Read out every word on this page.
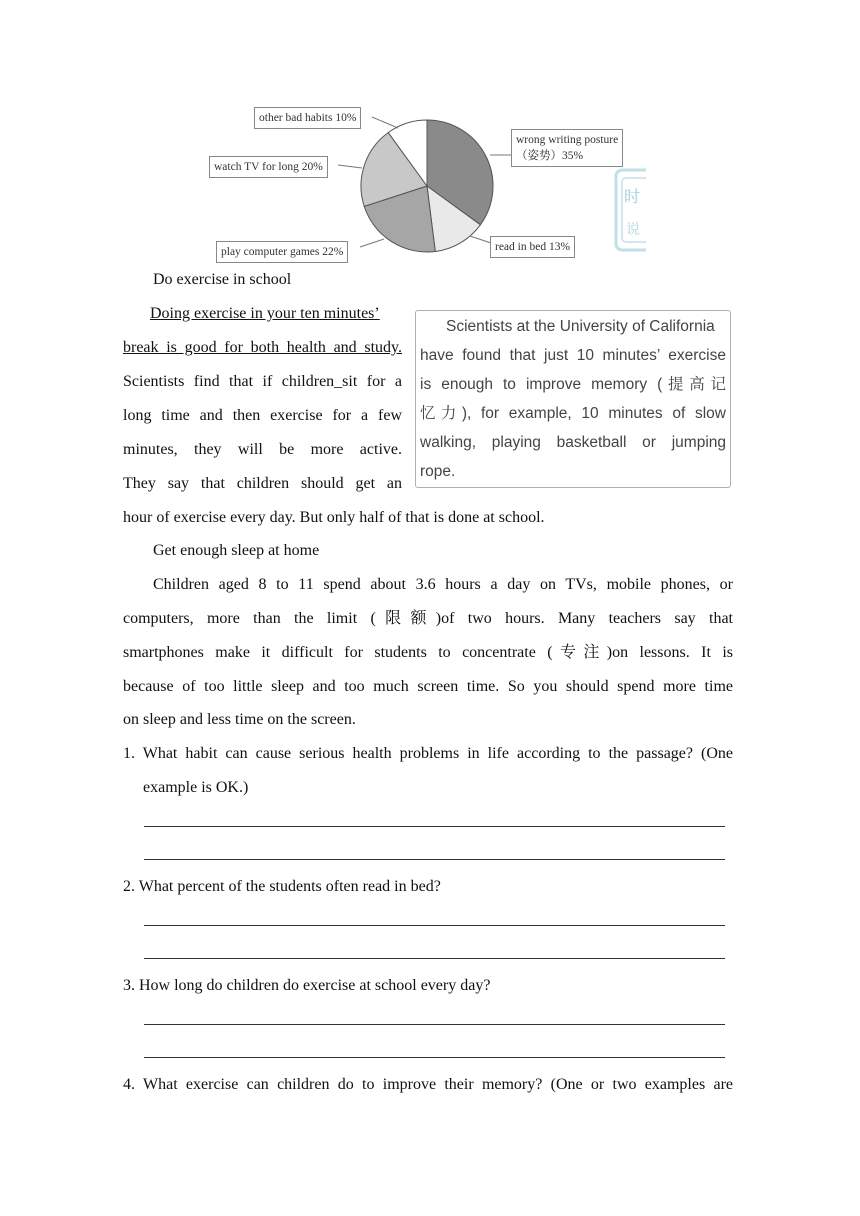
other bad habits 10%
watch TV for long 20%
play computer games 22%
wrong writing posture
（姿势）35%
read in bed 13%
时
说
Do exercise in school
Doing exercise in your ten minutes’
break is good for both health and study.
Scientists find that if children_sit for a
long time and then exercise for a few
minutes, they will be more active.
They say that children should get an
hour of exercise every day. But only half of that is done at school.
Scientists at the University of California
have found that just 10 minutes’ exercise
is enough to improve memory (提高记
忆力), for example, 10 minutes of slow
walking, playing basketball or jumping
rope.
Get enough sleep at home
Children aged 8 to 11 spend about 3.6 hours a day on TVs, mobile phones, or
computers, more than the limit (限额)of two hours. Many teachers say that
smartphones make it difficult for students to concentrate (专注)on lessons. It is
because of too little sleep and too much screen time. So you should spend more time
on sleep and less time on the screen.
1. What habit can cause serious health problems in life according to the passage? (One
example is OK.)
2. What percent of the students often read in bed?
3. How long do children do exercise at school every day?
4. What exercise can children do to improve their memory? (One or two examples are
